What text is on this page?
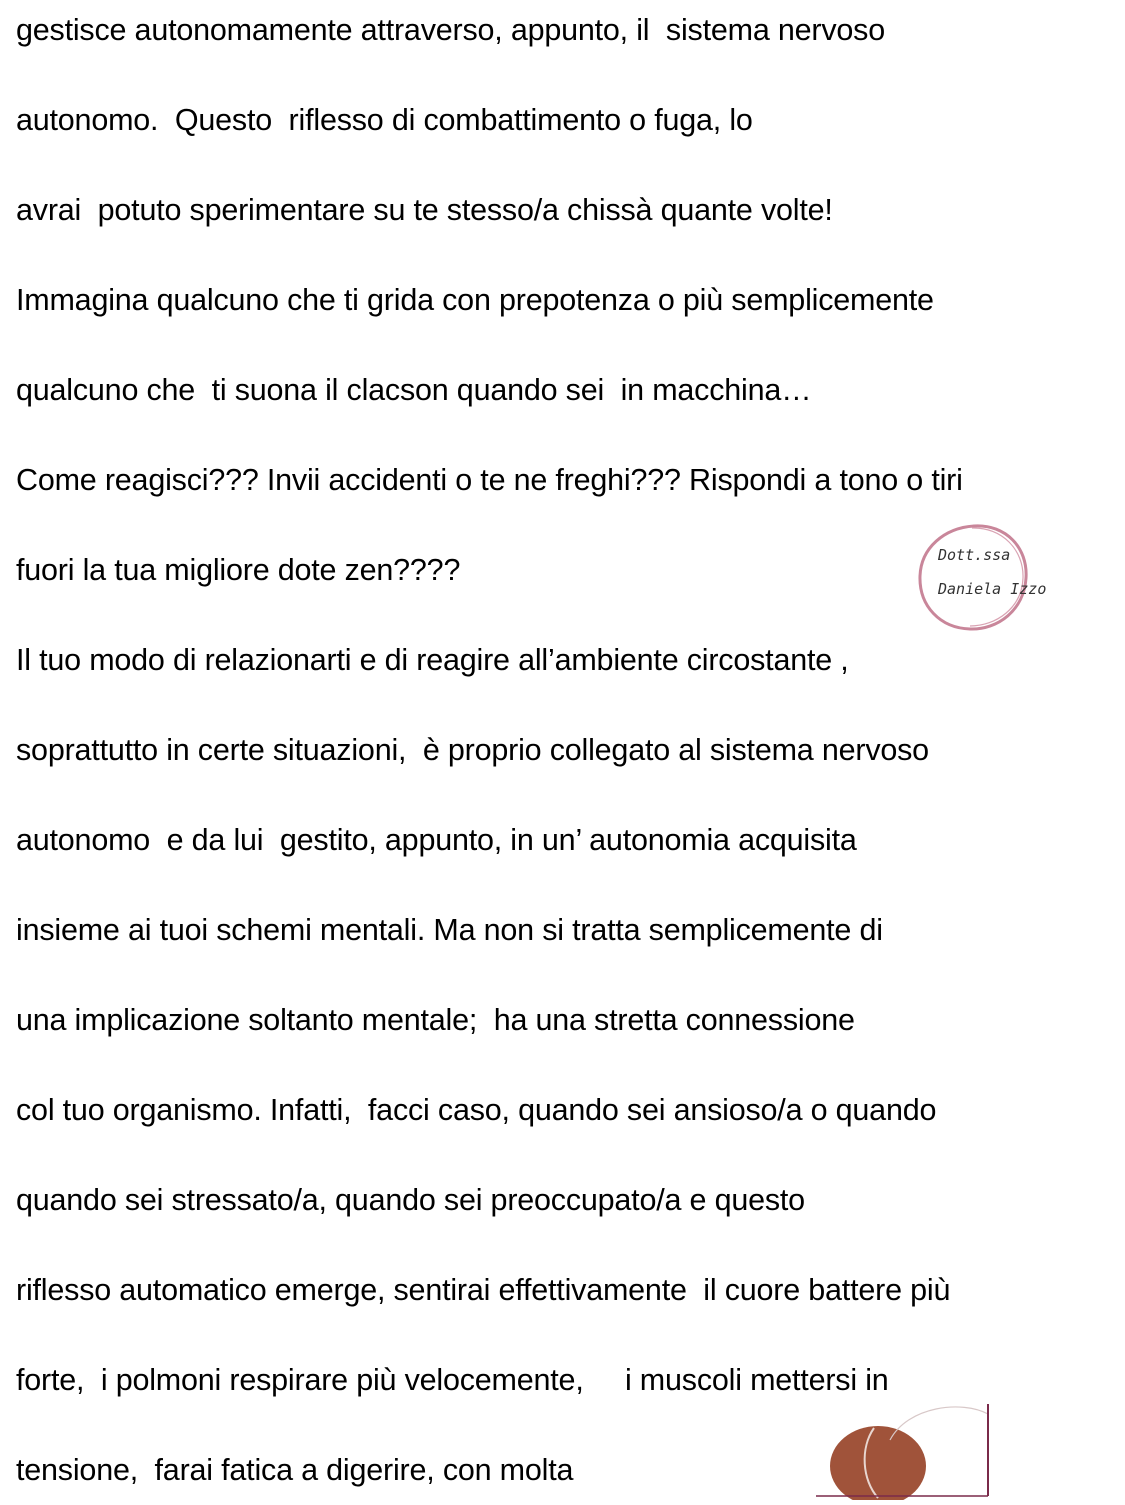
gestisce autonomamente attraverso, appunto, il  sistema nervoso
autonomo.  Questo  riflesso di combattimento o fuga, lo
avrai  potuto sperimentare su te stesso/a chissà quante volte!
Immagina qualcuno che ti grida con prepotenza o più semplicemente
qualcuno che  ti suona il clacson quando sei  in macchina…
Come reagisci??? Invii accidenti o te ne freghi??? Rispondi a tono o tiri
fuori la tua migliore dote zen????
Il tuo modo di relazionarti e di reagire all’ambiente circostante ,
soprattutto in certe situazioni,  è proprio collegato al sistema nervoso
autonomo  e da lui  gestito, appunto, in un’ autonomia acquisita
insieme ai tuoi schemi mentali. Ma non si tratta semplicemente di
una implicazione soltanto mentale;  ha una stretta connessione
col tuo organismo. Infatti,  facci caso, quando sei ansioso/a o quando
quando sei stressato/a, quando sei preoccupato/a e questo
riflesso automatico emerge, sentirai effettivamente  il cuore battere più
forte,  i polmoni respirare più velocemente,     i muscoli mettersi in
tensione,  farai fatica a digerire, con molta
Dott.ssa
Daniela Izzo
